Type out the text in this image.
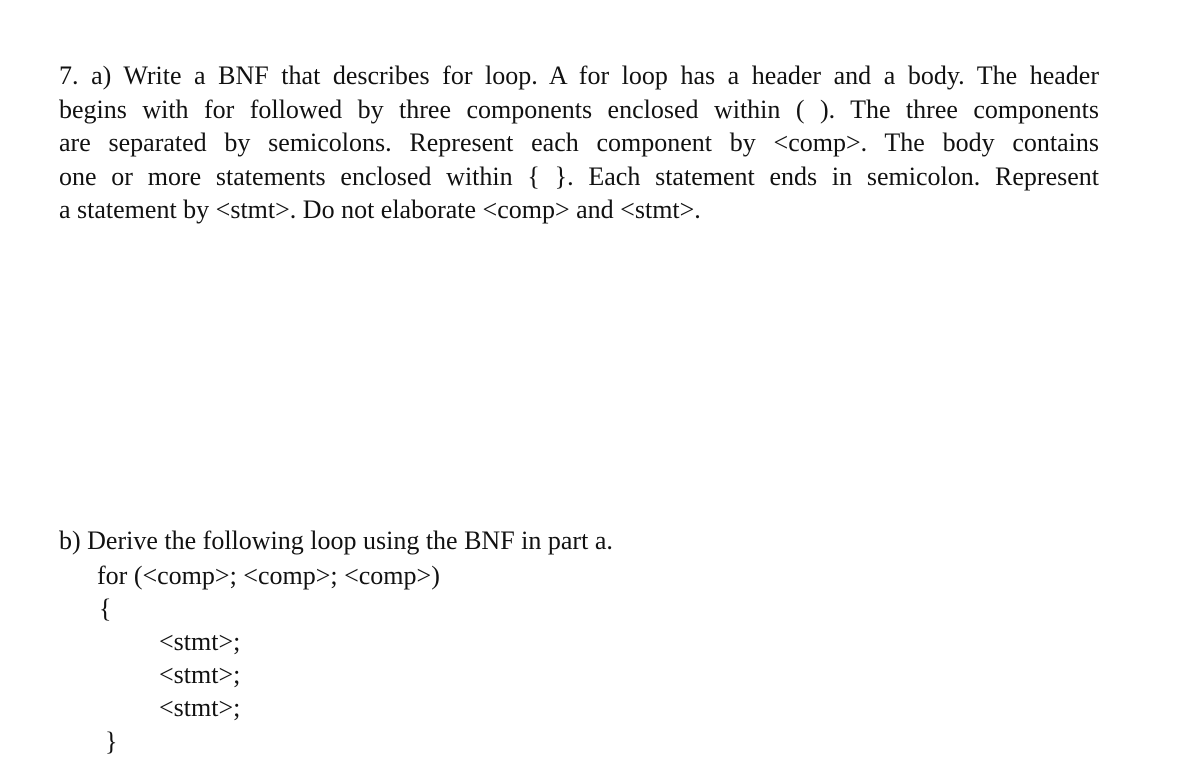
7. a) Write a BNF that describes for loop. A for loop has a header and a body. The header
begins with for followed by three components enclosed within ( ). The three components
are separated by semicolons. Represent each component by <comp>. The body contains
one or more statements enclosed within { }. Each statement ends in semicolon. Represent
a statement by <stmt>. Do not elaborate <comp> and <stmt>.
b) Derive the following loop using the BNF in part a.
for (<comp>; <comp>; <comp>)
{
<stmt>;
<stmt>;
<stmt>;
}
